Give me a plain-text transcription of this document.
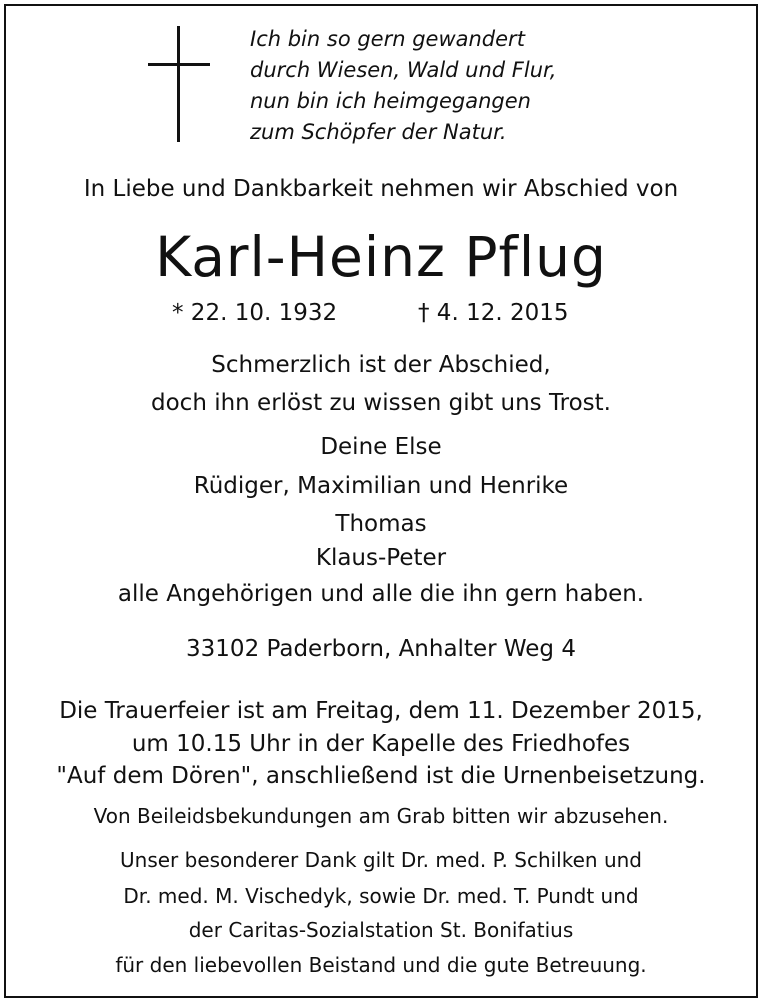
Ich bin so gern gewandert
durch Wiesen, Wald und Flur,
nun bin ich heimgegangen
zum Schöpfer der Natur.
In Liebe und Dankbarkeit nehmen wir Abschied von
Karl-Heinz Pflug
* 22. 10. 1932	† 4. 12. 2015
Schmerzlich ist der Abschied,
doch ihn erlöst zu wissen gibt uns Trost.
Deine Else
Rüdiger, Maximilian und Henrike
Thomas
Klaus-Peter
alle Angehörigen und alle die ihn gern haben.
33102 Paderborn, Anhalter Weg 4
Die Trauerfeier ist am Freitag, dem 11. Dezember 2015,
um 10.15 Uhr in der Kapelle des Friedhofes
"Auf dem Dören", anschließend ist die Urnenbeisetzung.
Von Beileidsbekundungen am Grab bitten wir abzusehen.
Unser besonderer Dank gilt Dr. med. P. Schilken und
Dr. med. M. Vischedyk, sowie Dr. med. T. Pundt und
der Caritas-Sozialstation St. Bonifatius
für den liebevollen Beistand und die gute Betreuung.
